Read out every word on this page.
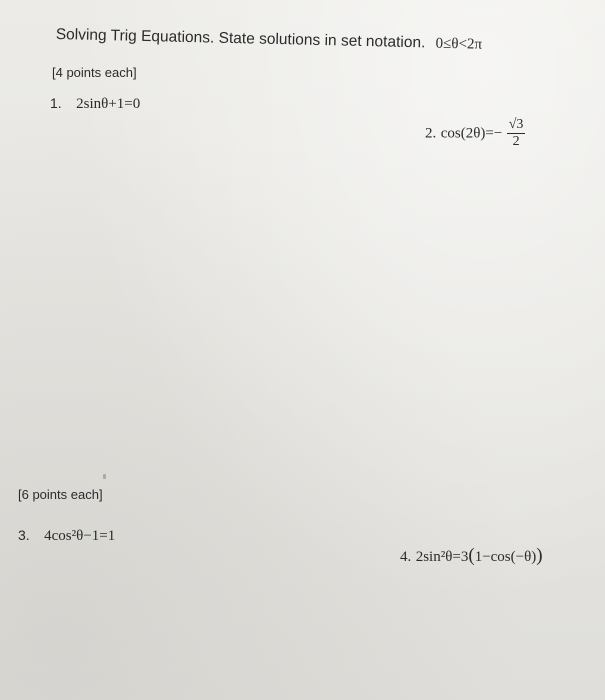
Solving Trig Equations. State solutions in set notation. 0≤θ<2π
[4 points each]
1. 2sinθ+1=0
2. $\cos(2\theta)=- \frac{√3}{2}$
[6 points each]
3. 4cos²θ−1=1
4. 2sin²θ=3(1−cos(−θ))
